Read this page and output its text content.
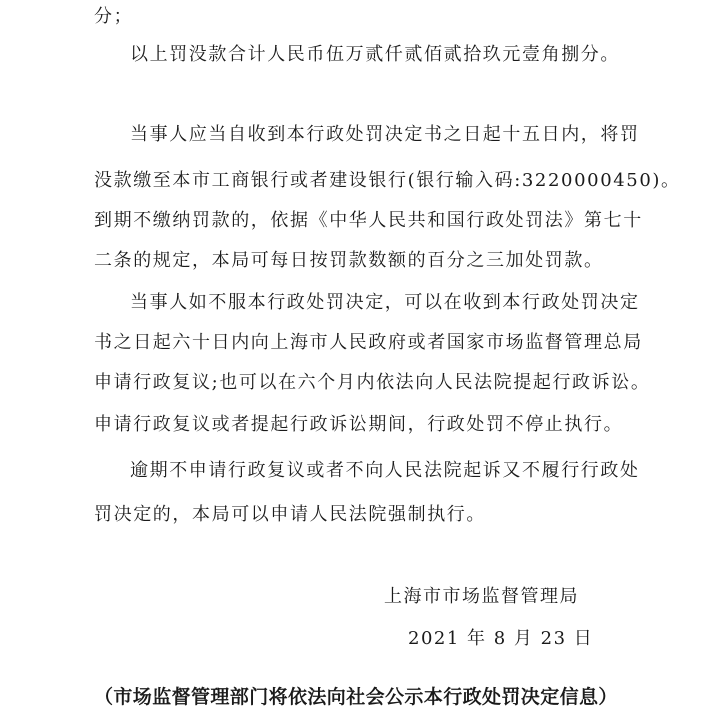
分；
以上罚没款合计人民币伍万贰仟贰佰贰拾玖元壹角捌分。
当事人应当自收到本行政处罚决定书之日起十五日内，将罚
没款缴至本市工商银行或者建设银行(银行输入码:3220000450)。
到期不缴纳罚款的，依据《中华人民共和国行政处罚法》第七十
二条的规定，本局可每日按罚款数额的百分之三加处罚款。
当事人如不服本行政处罚决定，可以在收到本行政处罚决定
书之日起六十日内向上海市人民政府或者国家市场监督管理总局
申请行政复议;也可以在六个月内依法向人民法院提起行政诉讼。
申请行政复议或者提起行政诉讼期间，行政处罚不停止执行。
逾期不申请行政复议或者不向人民法院起诉又不履行行政处
罚决定的，本局可以申请人民法院强制执行。
上海市市场监督管理局
2021 年 8 月 23 日
（市场监督管理部门将依法向社会公示本行政处罚决定信息）
